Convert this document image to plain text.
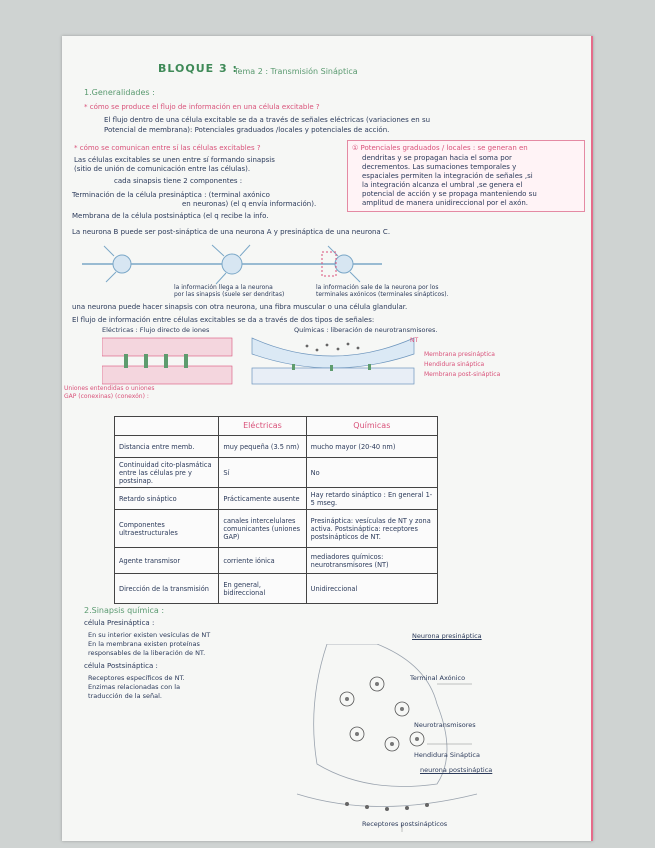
BLOQUE 3 :
Tema 2 : Transmisión Sináptica
1.Generalidades :
* cómo se produce el flujo de información en una célula excitable ?
El flujo dentro de una célula excitable se da a través de señales eléctricas (variaciones en su
Potencial de membrana): Potenciales graduados /locales y potenciales de acción.
* cómo se comunican entre sí las células excitables ?
Las células excitables se unen entre sí formando sinapsis
(sitio de unión de comunicación entre las células).
cada sinapsis tiene 2 componentes :
Terminación de la célula presináptica : (terminal axónico
en neuronas) (el q envía información).
Membrana de la célula postsináptica (el q recibe la info.
① Potenciales graduados / locales : se generan en
dendritas y se propagan hacia el soma por
decrementos. Las sumaciones temporales y
espaciales permiten la integración de señales ,si
la integración alcanza el umbral ,se genera el
potencial de acción y se propaga manteniendo su
amplitud de manera unidireccional por el axón.
La neurona B puede ser post-sináptica de una neurona A y presináptica de una neurona C.
la información llega a la neurona
por las sinapsis (suele ser dendritas)
la información sale de la neurona por los
terminales axónicos (terminales sinápticos).
una neurona puede hacer sinapsis con otra neurona, una fibra muscular o una célula glandular.
El flujo de información entre células excitables se da a través de dos tipos de señales:
Eléctricas : Flujo directo de iones	Químicas : liberación de neurotransmisores.
NT
Membrana presináptica
Hendidura sináptica
Membrana post-sináptica
Uniones entendidas o uniones
GAP (conexinas) (conexón) :
	Eléctricas	Químicas
Distancia entre memb.	muy pequeña (3.5 nm)	mucho mayor (20-40 nm)
Continuidad cito-plasmática entre las células pre y postsinap.	Sí	No
Retardo sináptico	Prácticamente ausente	Hay retardo sináptico : En general 1-5 mseg.
Componentes ultraestructurales	canales intercelulares comunicantes (uniones GAP)	Presináptica: vesículas de NT y zona activa. Postsináptica: receptores postsinápticos de NT.
Agente transmisor	corriente iónica	mediadores químicos: neurotransmisores (NT)
Dirección de la transmisión	En general, bidireccional	Unidireccional
2.Sinapsis química :
célula Presináptica :
En su interior existen vesículas de NT
En la membrana existen proteínas
responsables de la liberación de NT.
célula Postsináptica :
Receptores específicos de NT.
Enzimas relacionadas con la
traducción de la señal.
Neurona presináptica
Terminal Axónico
Neurotransmisores
Hendidura Sináptica
neurona postsináptica
Receptores postsinápticos
